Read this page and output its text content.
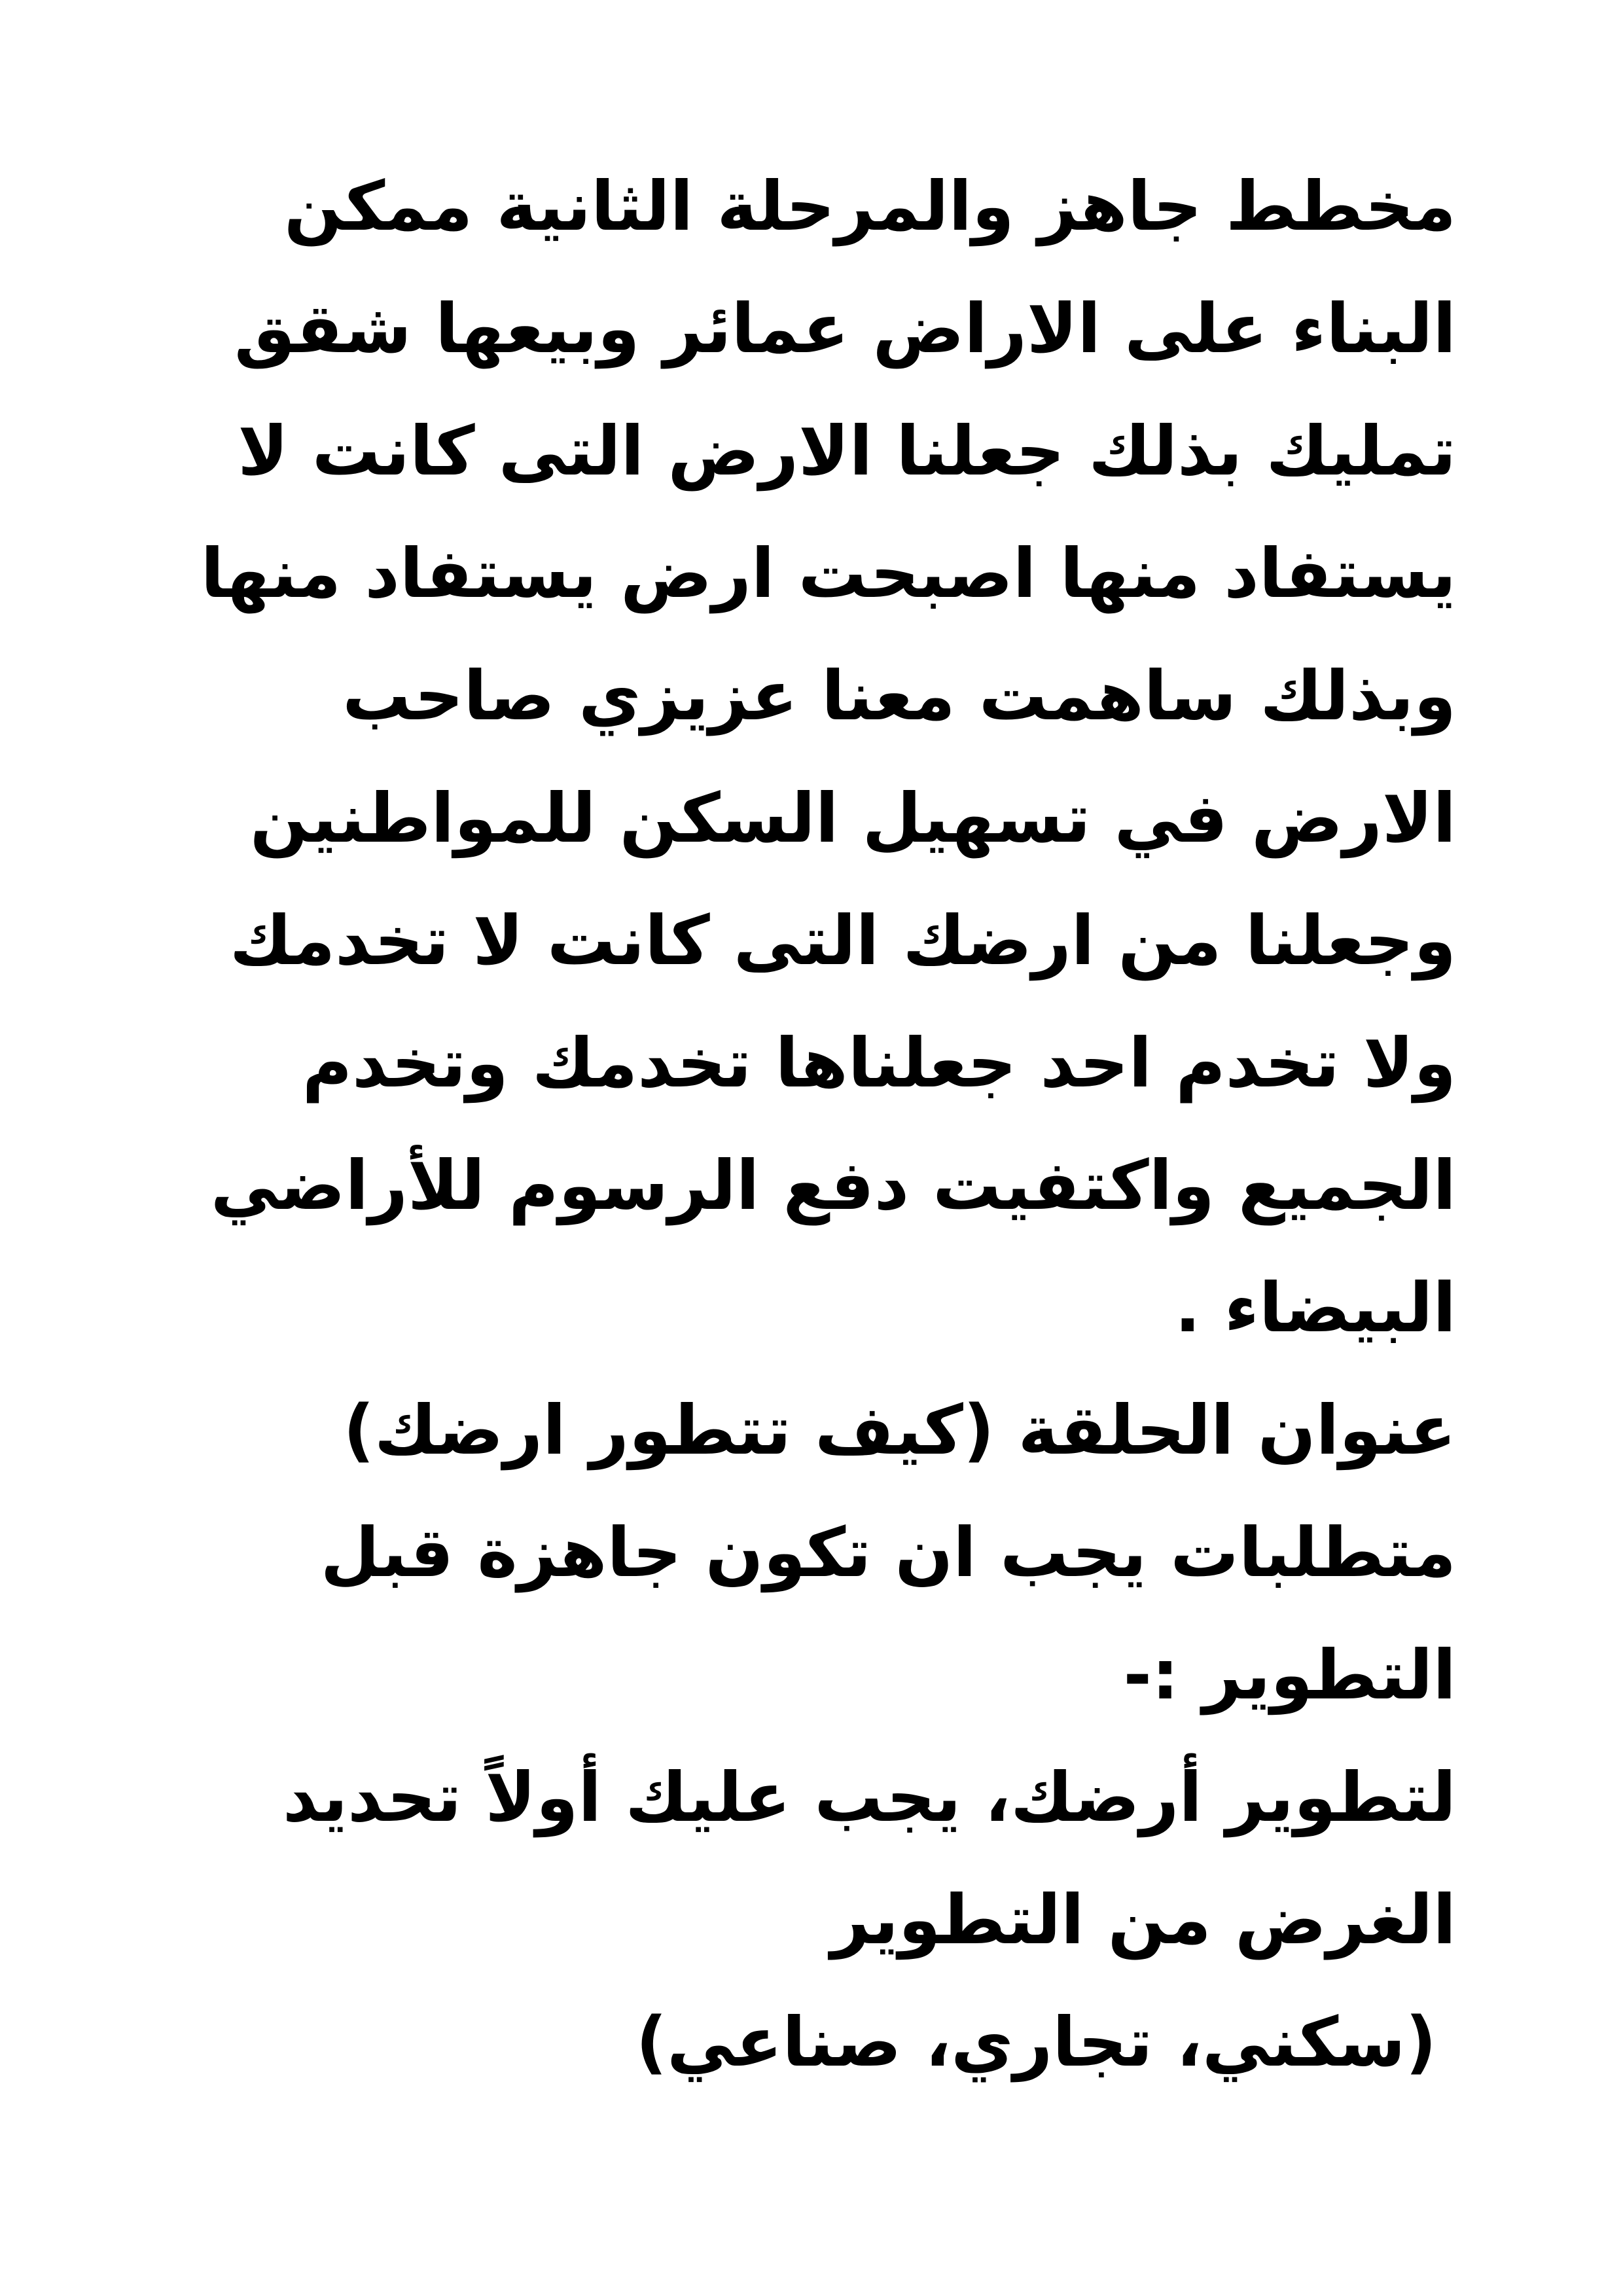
مخطط جاهز والمرحلة الثانية ممكن
البناء على الاراض عمائر وبيعها شقق
تمليك بذلك جعلنا الارض التى كانت لا
يستفاد منها اصبحت ارض يستفاد منها
وبذلك ساهمت معنا عزيزي صاحب
الارض في تسهيل السكن للمواطنين
وجعلنا من ارضك التى كانت لا تخدمك
ولا تخدم احد جعلناها تخدمك وتخدم
الجميع واكتفيت دفع الرسوم للأراضي
البيضاء .
عنوان الحلقة (كيف تتطور ارضك)
متطلبات يجب ان تكون جاهزة قبل
التطوير :-
لتطوير أرضك، يجب عليك أولاً تحديد
الغرض من التطوير
(سكني، تجاري، صناعي)
